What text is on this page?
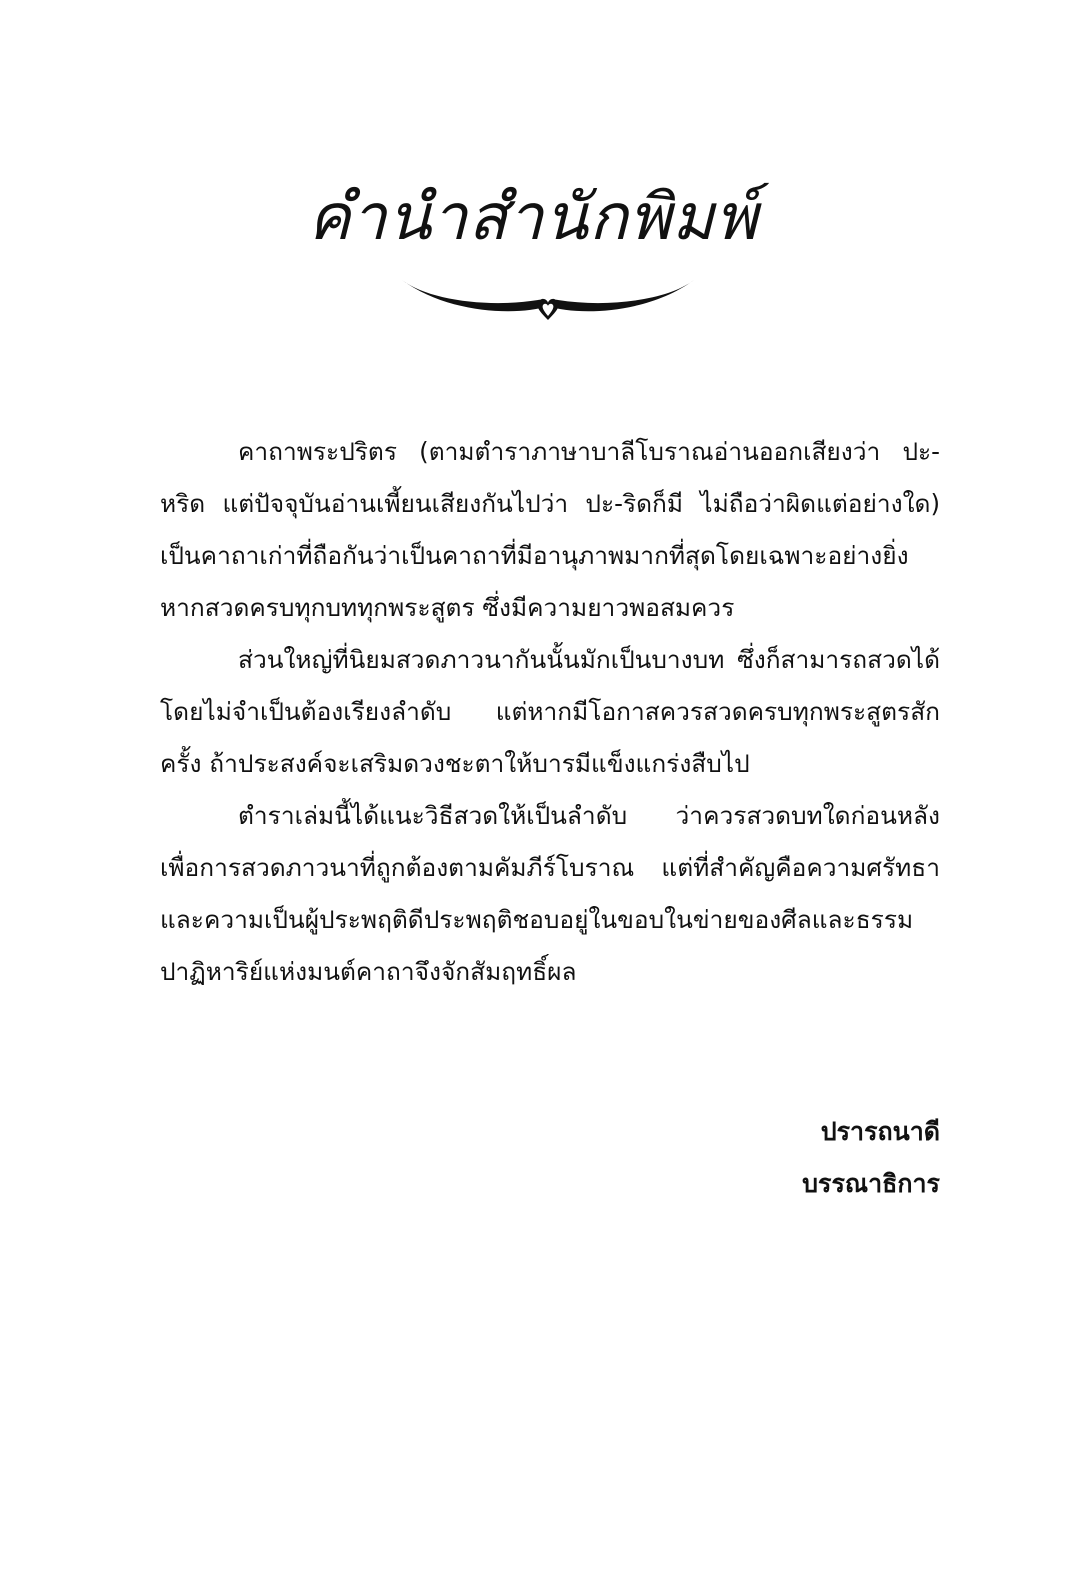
คำนำสำนักพิมพ์

คาถาพระปริตร (ตามตำราภาษาบาลีโบราณอ่านออกเสียงว่า ปะ-หริด แต่ปัจจุบันอ่านเพี้ยนเสียงกันไปว่า ปะ-ริดก็มี ไม่ถือว่าผิดแต่อย่างใด) เป็นคาถาเก่าที่ถือกันว่าเป็นคาถาที่มีอานุภาพมากที่สุดโดยเฉพาะอย่างยิ่งหากสวดครบทุกบททุกพระสูตร ซึ่งมีความยาวพอสมควร

ส่วนใหญ่ที่นิยมสวดภาวนากันนั้นมักเป็นบางบท ซึ่งก็สามารถสวดได้ โดยไม่จำเป็นต้องเรียงลำดับ แต่หากมีโอกาสควรสวดครบทุกพระสูตรสักครั้ง ถ้าประสงค์จะเสริมดวงชะตาให้บารมีแข็งแกร่งสืบไป

ตำราเล่มนี้ได้แนะวิธีสวดให้เป็นลำดับ ว่าควรสวดบทใดก่อนหลัง เพื่อการสวดภาวนาที่ถูกต้องตามคัมภีร์โบราณ แต่ที่สำคัญคือความศรัทธาและความเป็นผู้ประพฤติดีประพฤติชอบอยู่ในขอบในข่ายของศีลและธรรม ปาฏิหาริย์แห่งมนต์คาถาจึงจักสัมฤทธิ์ผล

ปรารถนาดี
บรรณาธิการ
